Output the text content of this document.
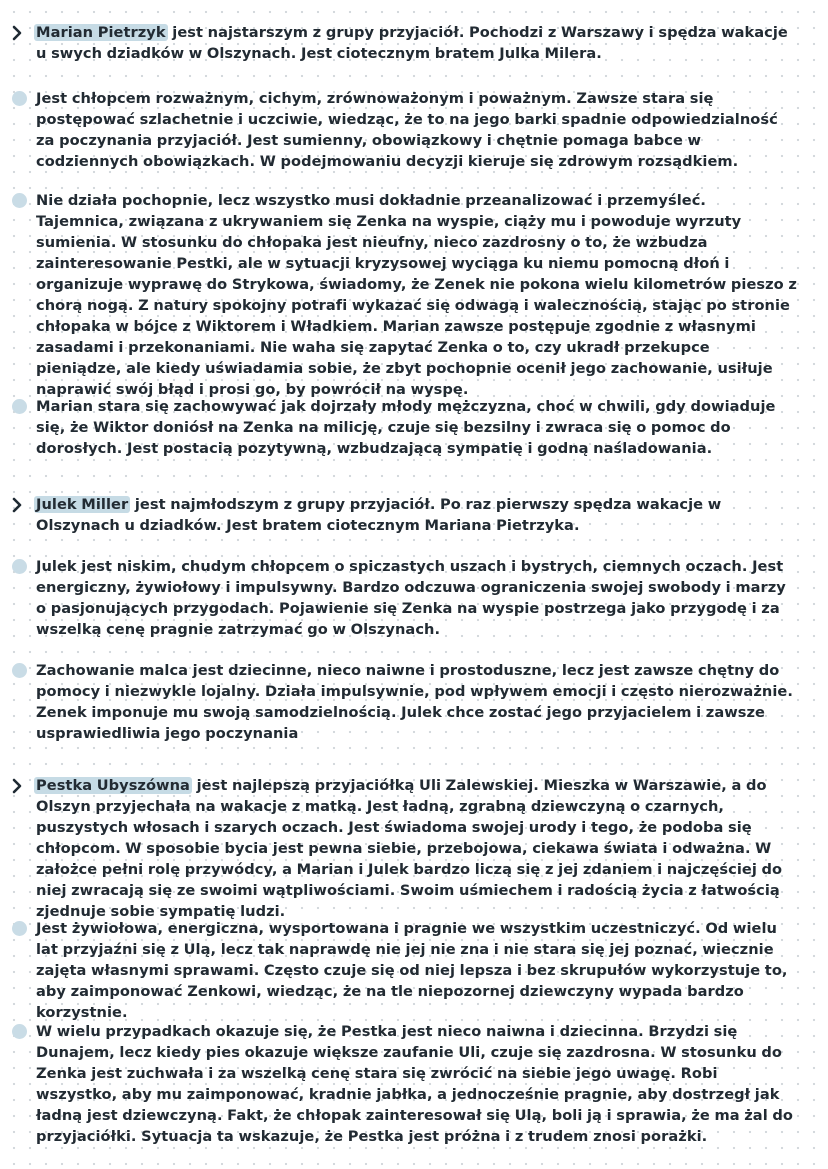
Marian Pietrzyk jest najstarszym z grupy przyjaciół. Pochodzi z Warszawy i spędza wakacje u swych dziadków w Olszynach. Jest ciotecznym bratem Julka Milera.

Jest chłopcem rozważnym, cichym, zrównoważonym i poważnym. Zawsze stara się postępować szlachetnie i uczciwie, wiedząc, że to na jego barki spadnie odpowiedzialność za poczynania przyjaciół. Jest sumienny, obowiązkowy i chętnie pomaga babce w codziennych obowiązkach. W podejmowaniu decyzji kieruje się zdrowym rozsądkiem.

Nie działa pochopnie, lecz wszystko musi dokładnie przeanalizować i przemyśleć. Tajemnica, związana z ukrywaniem się Zenka na wyspie, ciąży mu i powoduje wyrzuty sumienia. W stosunku do chłopaka jest nieufny, nieco zazdrosny o to, że wzbudza zainteresowanie Pestki, ale w sytuacji kryzysowej wyciąga ku niemu pomocną dłoń i organizuje wyprawę do Strykowa, świadomy, że Zenek nie pokona wielu kilometrów pieszo z chorą nogą. Z natury spokojny potrafi wykazać się odwagą i walecznością, stając po stronie chłopaka w bójce z Wiktorem i Władkiem. Marian zawsze postępuje zgodnie z własnymi zasadami i przekonaniami. Nie waha się zapytać Zenka o to, czy ukradł przekupce pieniądze, ale kiedy uświadamia sobie, że zbyt pochopnie ocenił jego zachowanie, usiłuje naprawić swój błąd i prosi go, by powrócił na wyspę.

Marian stara się zachowywać jak dojrzały młody mężczyzna, choć w chwili, gdy dowiaduje się, że Wiktor doniósł na Zenka na milicję, czuje się bezsilny i zwraca się o pomoc do dorosłych. Jest postacią pozytywną, wzbudzającą sympatię i godną naśladowania.

Julek Miller jest najmłodszym z grupy przyjaciół. Po raz pierwszy spędza wakacje w Olszynach u dziadków. Jest bratem ciotecznym Mariana Pietrzyka.

Julek jest niskim, chudym chłopcem o spiczastych uszach i bystrych, ciemnych oczach. Jest energiczny, żywiołowy i impulsywny. Bardzo odczuwa ograniczenia swojej swobody i marzy o pasjonujących przygodach. Pojawienie się Zenka na wyspie postrzega jako przygodę i za wszelką cenę pragnie zatrzymać go w Olszynach.

Zachowanie malca jest dziecinne, nieco naiwne i prostoduszne, lecz jest zawsze chętny do pomocy i niezwykle lojalny. Działa impulsywnie, pod wpływem emocji i często nierozważnie. Zenek imponuje mu swoją samodzielnością. Julek chce zostać jego przyjacielem i zawsze usprawiedliwia jego poczynania

Pestka Ubyszówna jest najlepszą przyjaciółką Uli Zalewskiej. Mieszka w Warszawie, a do Olszyn przyjechała na wakacje z matką. Jest ładną, zgrabną dziewczyną o czarnych, puszystych włosach i szarych oczach. Jest świadoma swojej urody i tego, że podoba się chłopcom. W sposobie bycia jest pewna siebie, przebojowa, ciekawa świata i odważna. W założce pełni rolę przywódcy, a Marian i Julek bardzo liczą się z jej zdaniem i najczęściej do niej zwracają się ze swoimi wątpliwościami. Swoim uśmiechem i radością życia z łatwością zjednuje sobie sympatię ludzi.

Jest żywiołowa, energiczna, wysportowana i pragnie we wszystkim uczestniczyć. Od wielu lat przyjaźni się z Ulą, lecz tak naprawdę nie jej nie zna i nie stara się jej poznać, wiecznie zajęta własnymi sprawami. Często czuje się od niej lepsza i bez skrupułów wykorzystuje to, aby zaimponować Zenkowi, wiedząc, że na tle niepozornej dziewczyny wypada bardzo korzystnie.

W wielu przypadkach okazuje się, że Pestka jest nieco naiwna i dziecinna. Brzydzi się Dunajem, lecz kiedy pies okazuje większe zaufanie Uli, czuje się zazdrosna. W stosunku do Zenka jest zuchwała i za wszelką cenę stara się zwrócić na siebie jego uwagę. Robi wszystko, aby mu zaimponować, kradnie jabłka, a jednocześnie pragnie, aby dostrzegł jak ładną jest dziewczyną. Fakt, że chłopak zainteresował się Ulą, boli ją i sprawia, że ma żal do przyjaciółki. Sytuacja ta wskazuje, że Pestka jest próżna i z trudem znosi porażki.
